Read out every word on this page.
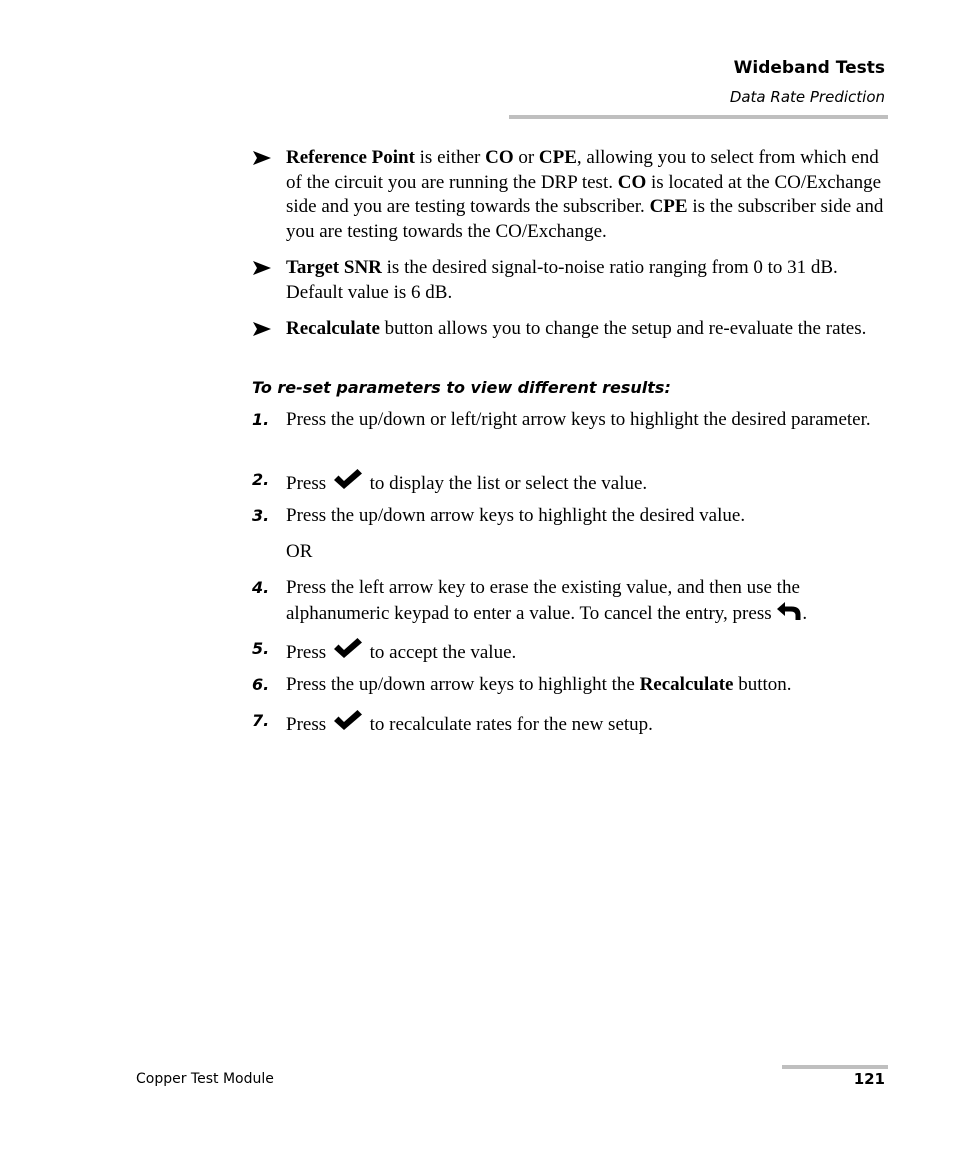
Wideband Tests
Data Rate Prediction
Reference Point is either CO or CPE, allowing you to select from which end of the circuit you are running the DRP test. CO is located at the CO/Exchange side and you are testing towards the subscriber. CPE is the subscriber side and you are testing towards the CO/Exchange.
Target SNR is the desired signal-to-noise ratio ranging from 0 to 31 dB. Default value is 6 dB.
Recalculate button allows you to change the setup and re-evaluate the rates.
To re-set parameters to view different results:
1. Press the up/down or left/right arrow keys to highlight the desired parameter.
2. Press  to display the list or select the value.
3. Press the up/down arrow keys to highlight the desired value.
OR
4. Press the left arrow key to erase the existing value, and then use the alphanumeric keypad to enter a value. To cancel the entry, press .
5. Press  to accept the value.
6. Press the up/down arrow keys to highlight the Recalculate button.
7. Press  to recalculate rates for the new setup.
Copper Test Module	121
